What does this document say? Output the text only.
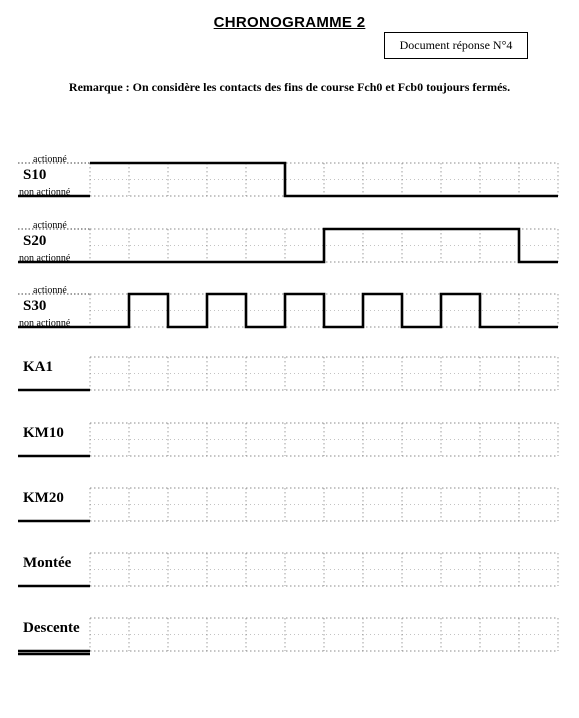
CHRONOGRAMME 2
Document réponse N°4
Remarque : On considère les contacts des fins de course Fch0 et Fcb0 toujours fermés.
S10
actionné
non actionné
S20
actionné
non actionné
S30
actionné
non actionné
KA1
KM10
KM20
Montée
Descente
